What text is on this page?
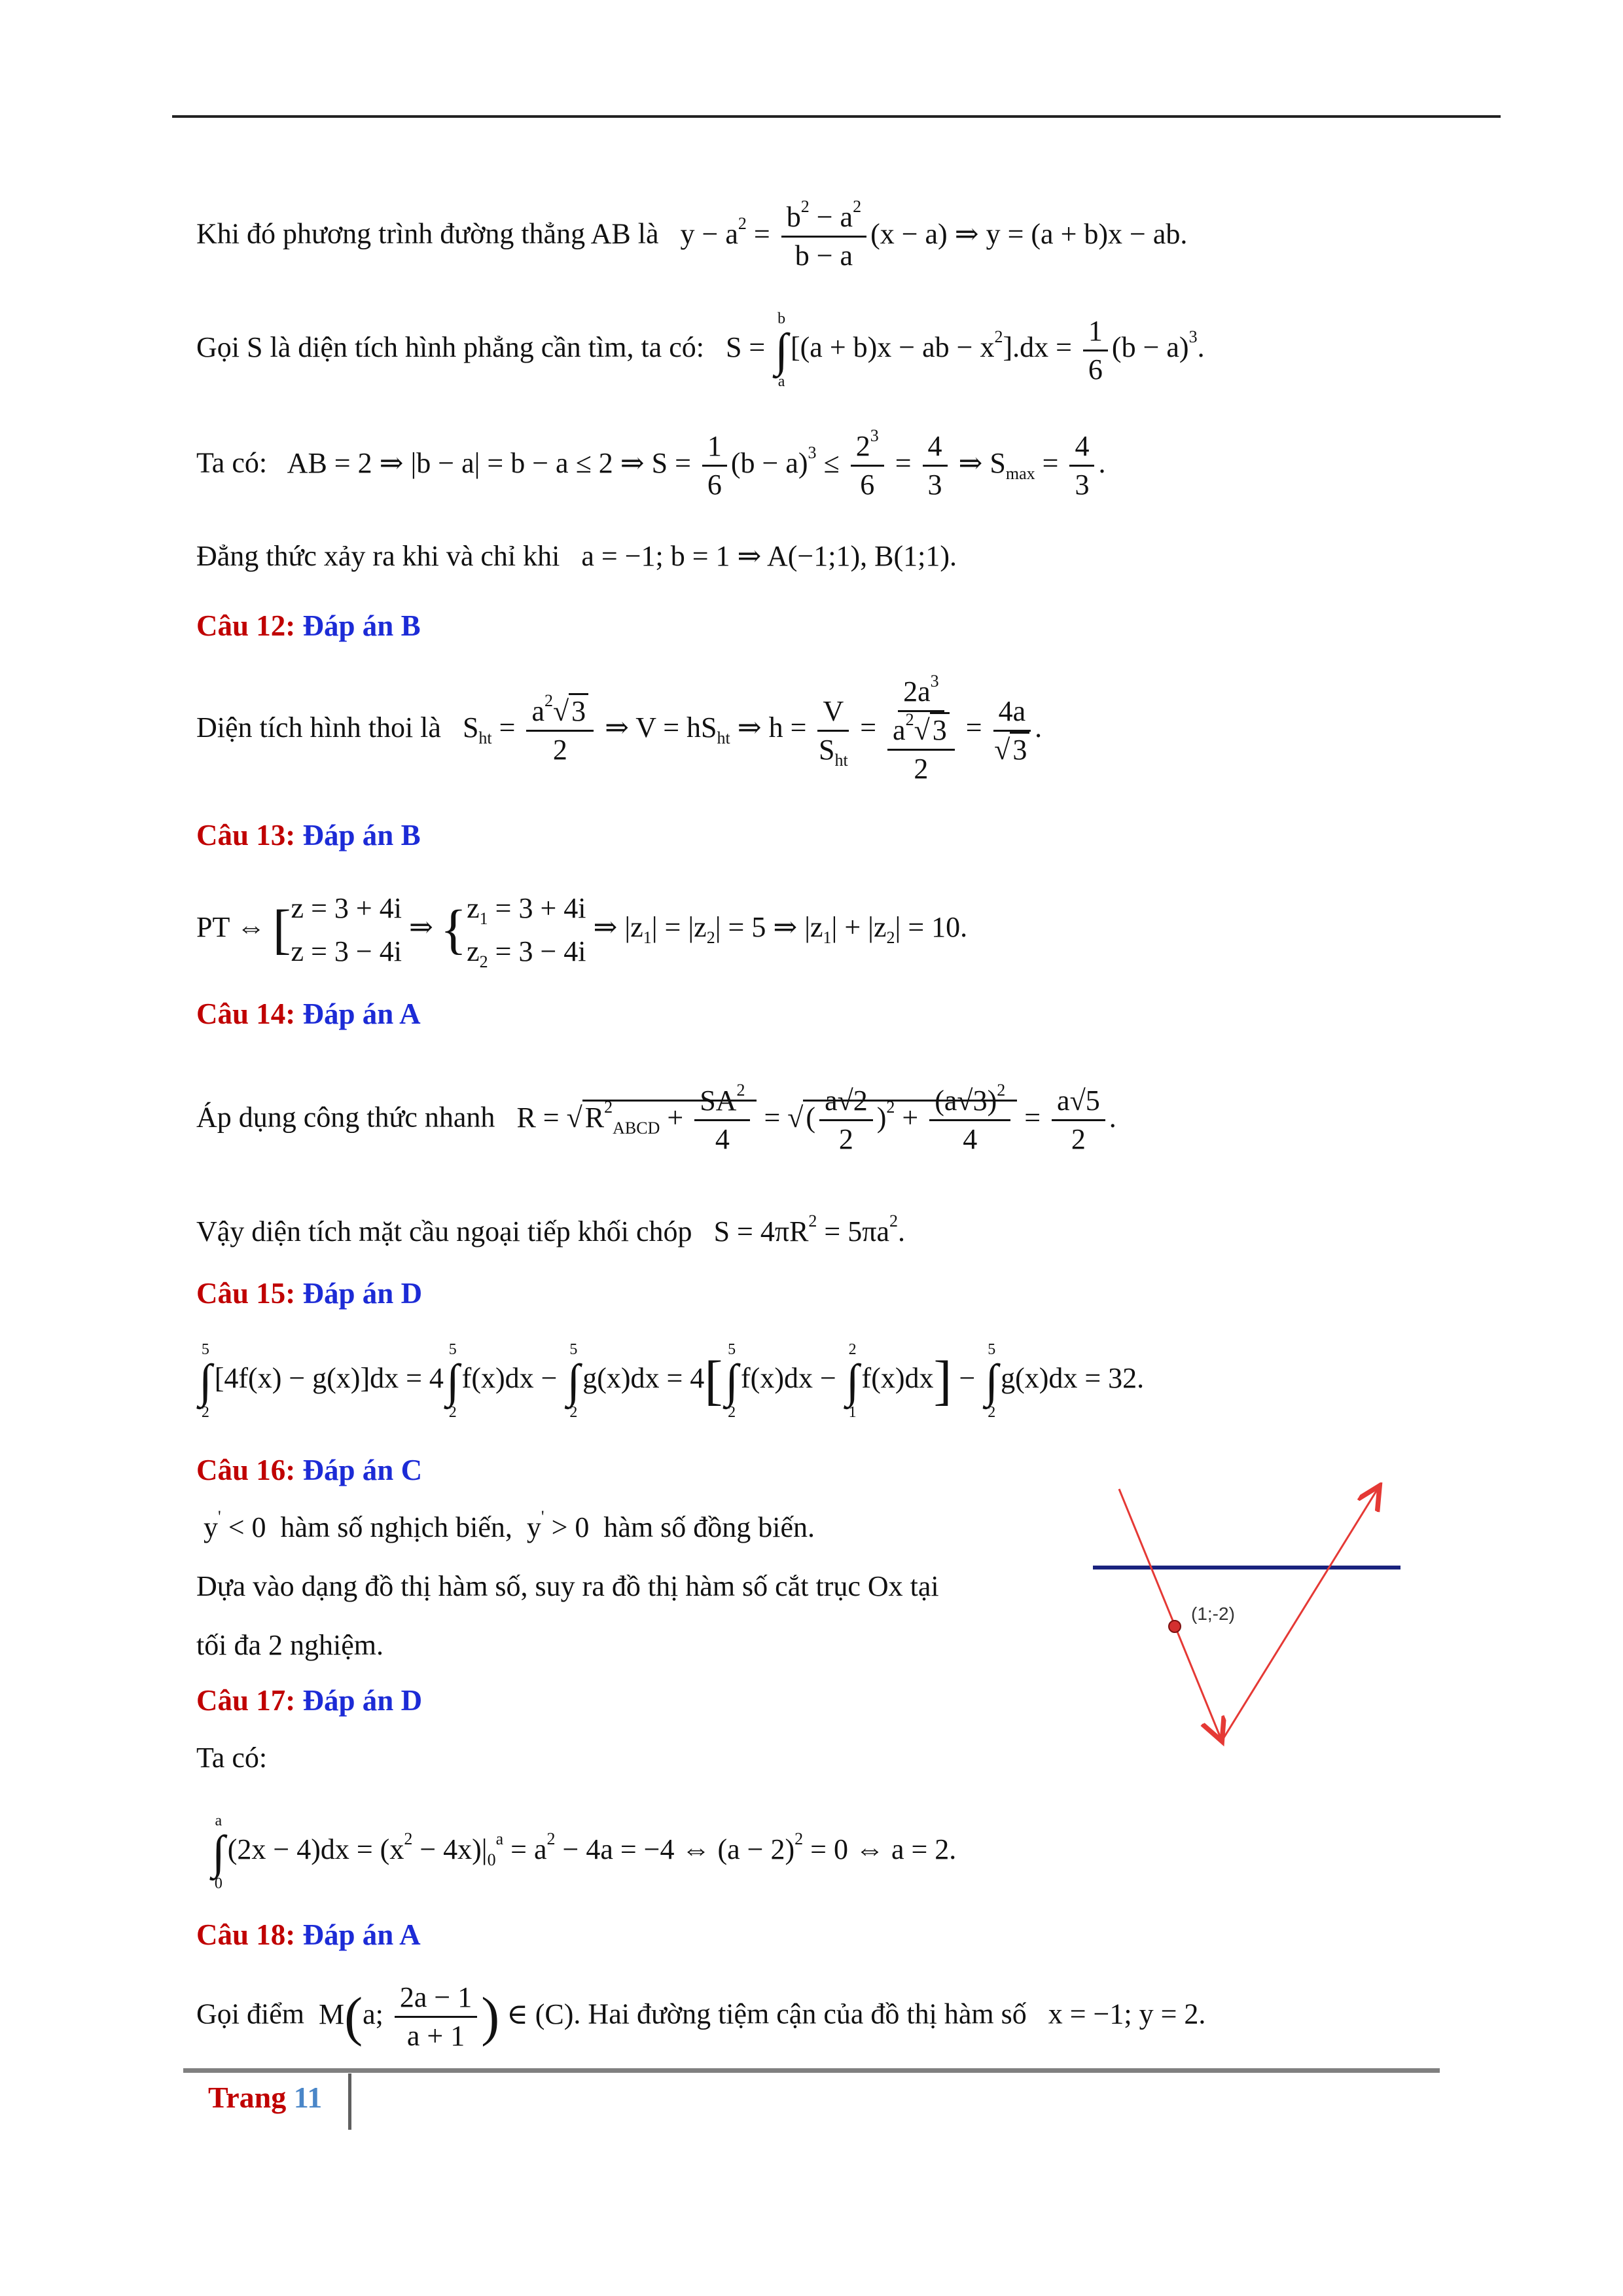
Khi đó phương trình đường thẳng AB là   $y - a^2 = \frac{b^2 - a^2}{b - a} (x - a)$ ⇒ y = (a + b)x − ab.
Gọi S là diện tích hình phẳng cần tìm, ta có:   S =
b
∫
a
[(a + b)x − ab − $x^2].dx = \frac{1}{6} (b - a)^3$.
Ta có:   AB = 2 ⇒ |b − a| = b − a ≤ 2 ⇒ $S = \frac{1}{6} (b - a)^3 \le \frac{2^3}{6} = \frac{4}{3}$ ⇒ $S_{max} = \frac{4}{3}$ .
Đẳng thức xảy ra khi và chỉ khi   a = −1; b = 1 ⇒ A(−1;1), B(1;1).
Câu 12: Đáp án B
Diện tích hình thoi là   $S_{ht} = \frac{a^2√3}{2}$ ⇒ $V = hS_{ht}$ ⇒ $h = \frac{V}{S_{ht}} = \frac{2a^3}{\frac{a^2√3}{2}} = \frac{4a}{√3}$ .
Câu 13: Đáp án B
PT ⇔ [ z = 3 + 4i
z = 3 − 4i
⇒ { $z_1 = 3 + 4i$
$z_2 = 3 - 4i$
⇒ $|z_1| = |z_2| = 5$ ⇒ $|z_1| + |z_2| = 10$.
Câu 14: Đáp án A
Áp dụng công thức nhanh   $R = √R^2_{ABCD} + \frac{SA^2}{4}$ = √( $\frac{a√2}{2} )^2 + \frac{(a√3)^2}{4} = \frac{a√5}{2}$ .
Vậy diện tích mặt cầu ngoại tiếp khối chóp   $S = 4\pi R^2 = 5\pi a^2$.
Câu 15: Đáp án D
5
∫
2
[4f(x) − g(x)]dx = 4
5
∫
2
f(x)dx −
5
∫
2
g(x)dx = 4[
5
∫
2
f(x)dx −
2
∫
1
f(x)dx] −
5
∫
2
g(x)dx = 32.
Câu 16: Đáp án C
y' < 0  hàm số nghịch biến,  y' > 0  hàm số đồng biến.
Dựa vào dạng đồ thị hàm số, suy ra đồ thị hàm số cắt trục Ox tại
tối đa 2 nghiệm.
(1;-2)
Câu 17: Đáp án D
Ta có:
a
∫
0
$(2x - 4)dx = (x^2 - 4x)|_0^a = a^2 - 4a = -4$ ⇔ $(a - 2)^2 = 0$ ⇔ a = 2.
Câu 18: Đáp án A
Gọi điểm  M(a; $\frac{2a - 1}{a + 1}$ ) ∈ (C). Hai đường tiệm cận của đồ thị hàm số   x = −1; y = 2.
Trang 11
